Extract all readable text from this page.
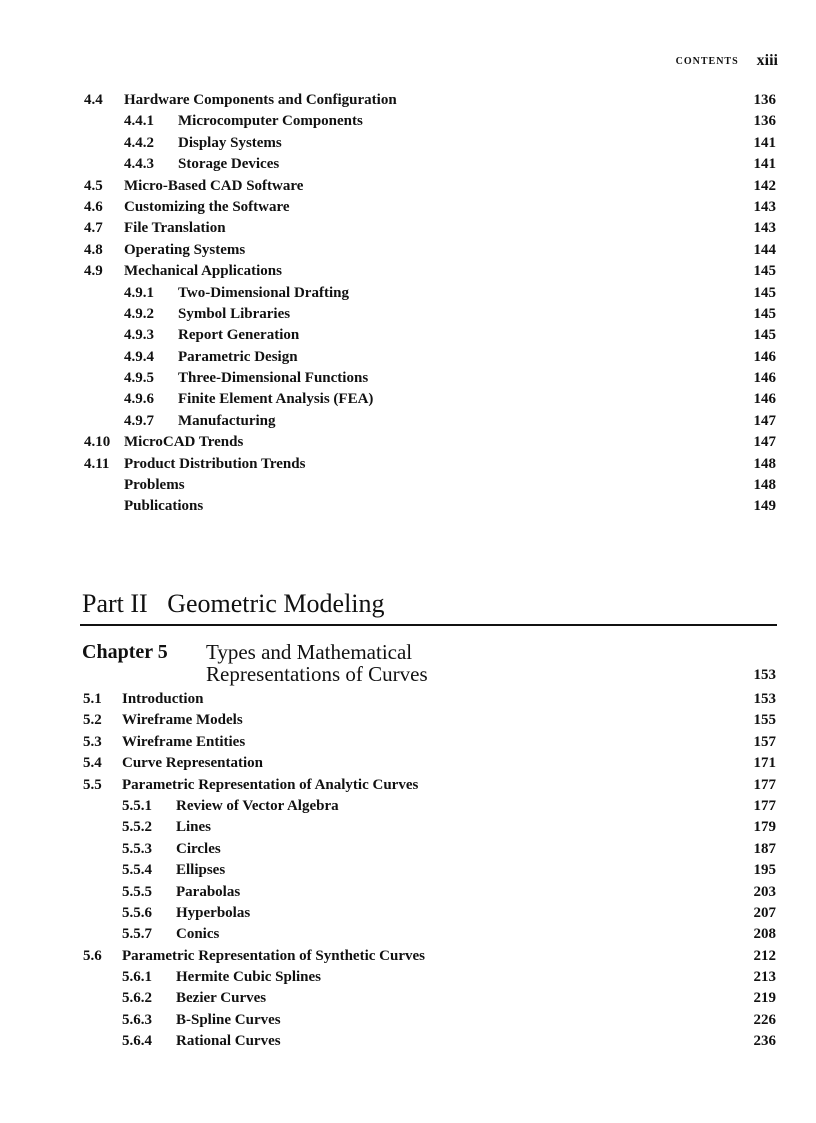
CONTENTS xiii
4.4 Hardware Components and Configuration	136
4.4.1 Microcomputer Components	136
4.4.2 Display Systems	141
4.4.3 Storage Devices	141
4.5 Micro-Based CAD Software	142
4.6 Customizing the Software	143
4.7 File Translation	143
4.8 Operating Systems	144
4.9 Mechanical Applications	145
4.9.1 Two-Dimensional Drafting	145
4.9.2 Symbol Libraries	145
4.9.3 Report Generation	145
4.9.4 Parametric Design	146
4.9.5 Three-Dimensional Functions	146
4.9.6 Finite Element Analysis (FEA)	146
4.9.7 Manufacturing	147
4.10 MicroCAD Trends	147
4.11 Product Distribution Trends	148
Problems	148
Publications	149
Part II   Geometric Modeling
Chapter 5 Types and Mathematical
Representations of Curves	153
5.1 Introduction	153
5.2 Wireframe Models	155
5.3 Wireframe Entities	157
5.4 Curve Representation	171
5.5 Parametric Representation of Analytic Curves	177
5.5.1 Review of Vector Algebra	177
5.5.2 Lines	179
5.5.3 Circles	187
5.5.4 Ellipses	195
5.5.5 Parabolas	203
5.5.6 Hyperbolas	207
5.5.7 Conics	208
5.6 Parametric Representation of Synthetic Curves	212
5.6.1 Hermite Cubic Splines	213
5.6.2 Bezier Curves	219
5.6.3 B-Spline Curves	226
5.6.4 Rational Curves	236
